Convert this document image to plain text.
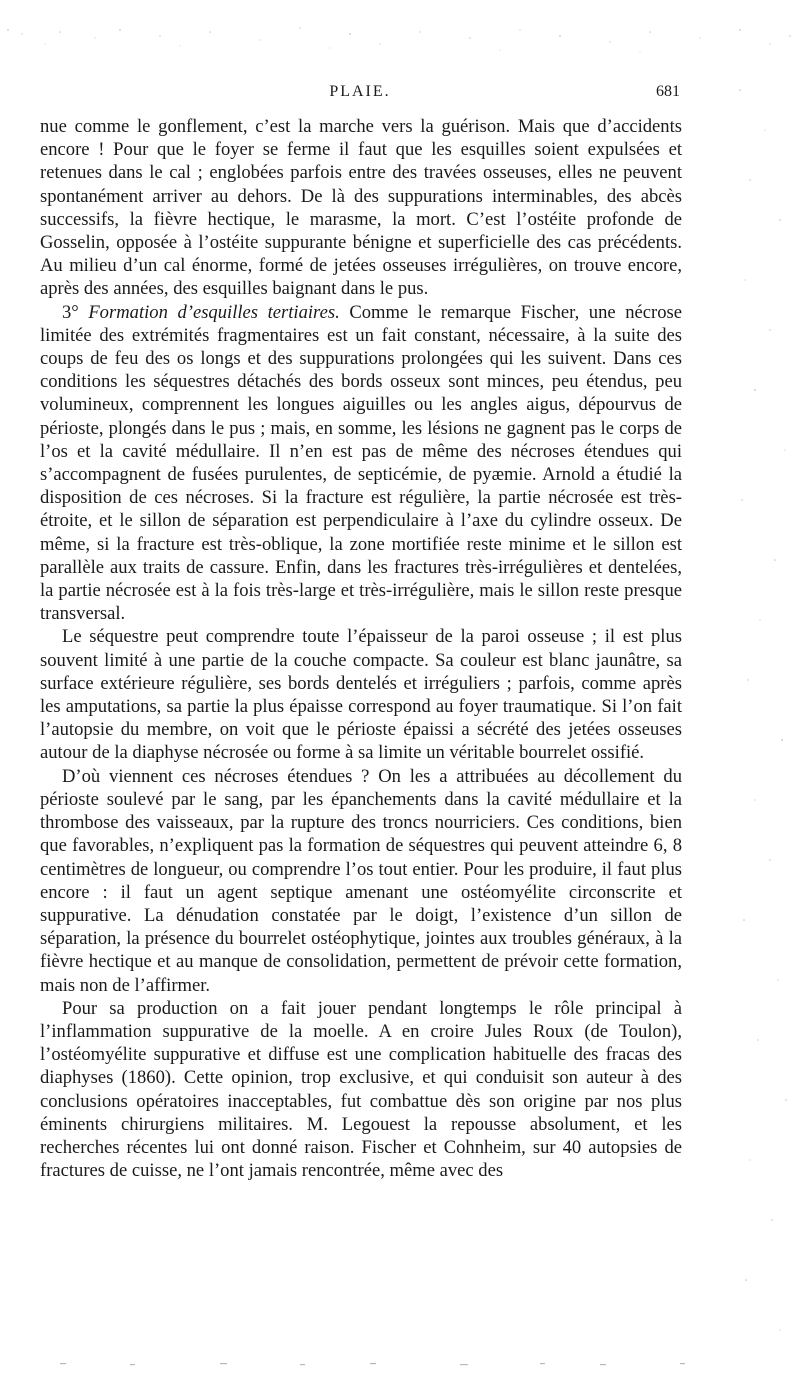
PLAIE.	681

nue comme le gonflement, c’est la marche vers la guérison. Mais que d’accidents encore ! Pour que le foyer se ferme il faut que les esquilles soient expulsées et retenues dans le cal ; englobées parfois entre des travées osseuses, elles ne peuvent spontanément arriver au dehors. De là des suppurations interminables, des abcès successifs, la fièvre hectique, le marasme, la mort. C’est l’ostéite profonde de Gosselin, opposée à l’ostéite suppurante bénigne et superficielle des cas précédents. Au milieu d’un cal énorme, formé de jetées osseuses irrégulières, on trouve encore, après des années, des esquilles baignant dans le pus.

3° Formation d’esquilles tertiaires. Comme le remarque Fischer, une nécrose limitée des extrémités fragmentaires est un fait constant, nécessaire, à la suite des coups de feu des os longs et des suppurations prolongées qui les suivent. Dans ces conditions les séquestres détachés des bords osseux sont minces, peu étendus, peu volumineux, comprennent les longues aiguilles ou les angles aigus, dépourvus de périoste, plongés dans le pus ; mais, en somme, les lésions ne gagnent pas le corps de l’os et la cavité médullaire. Il n’en est pas de même des nécroses étendues qui s’accompagnent de fusées purulentes, de septicémie, de pyæmie. Arnold a étudié la disposition de ces nécroses. Si la fracture est régulière, la partie nécrosée est très-étroite, et le sillon de séparation est perpendiculaire à l’axe du cylindre osseux. De même, si la fracture est très-oblique, la zone mortifiée reste minime et le sillon est parallèle aux traits de cassure. Enfin, dans les fractures très-irrégulières et dentelées, la partie nécrosée est à la fois très-large et très-irrégulière, mais le sillon reste presque transversal.

Le séquestre peut comprendre toute l’épaisseur de la paroi osseuse ; il est plus souvent limité à une partie de la couche compacte. Sa couleur est blanc jaunâtre, sa surface extérieure régulière, ses bords dentelés et irréguliers ; parfois, comme après les amputations, sa partie la plus épaisse correspond au foyer traumatique. Si l’on fait l’autopsie du membre, on voit que le périoste épaissi a sécrété des jetées osseuses autour de la diaphyse nécrosée ou forme à sa limite un véritable bourrelet ossifié.

D’où viennent ces nécroses étendues ? On les a attribuées au décollement du périoste soulevé par le sang, par les épanchements dans la cavité médullaire et la thrombose des vaisseaux, par la rupture des troncs nourriciers. Ces conditions, bien que favorables, n’expliquent pas la formation de séquestres qui peuvent atteindre 6, 8 centimètres de longueur, ou comprendre l’os tout entier. Pour les produire, il faut plus encore : il faut un agent septique amenant une ostéomyélite circonscrite et suppurative. La dénudation constatée par le doigt, l’existence d’un sillon de séparation, la présence du bourrelet ostéophytique, jointes aux troubles généraux, à la fièvre hectique et au manque de consolidation, permettent de prévoir cette formation, mais non de l’affirmer.

Pour sa production on a fait jouer pendant longtemps le rôle principal à l’inflammation suppurative de la moelle. A en croire Jules Roux (de Toulon), l’ostéomyélite suppurative et diffuse est une complication habituelle des fracas des diaphyses (1860). Cette opinion, trop exclusive, et qui conduisit son auteur à des conclusions opératoires inacceptables, fut combattue dès son origine par nos plus éminents chirurgiens militaires. M. Legouest la repousse absolument, et les recherches récentes lui ont donné raison. Fischer et Cohnheim, sur 40 autopsies de fractures de cuisse, ne l’ont jamais rencontrée, même avec des
